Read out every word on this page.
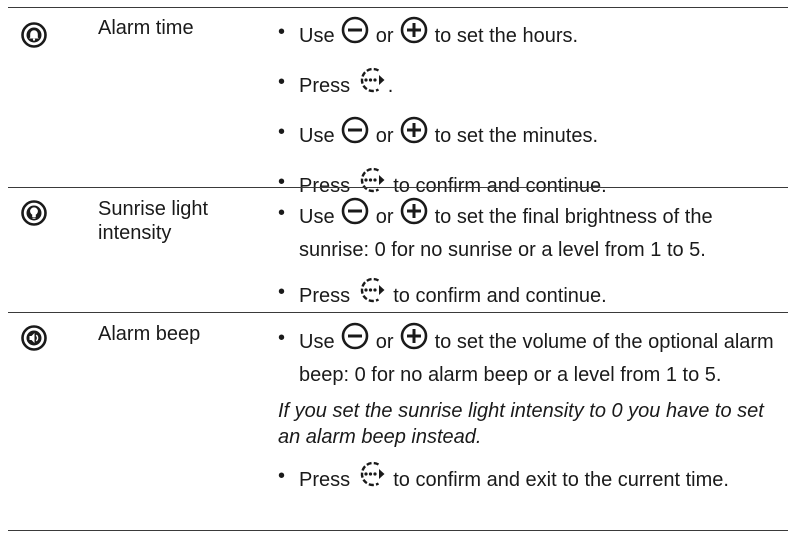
Alarm time	• Use or to set the hours.
• Press .
• Use or to set the minutes.
• Press to confirm and continue.
Sunrise light intensity
• Use or to set the final brightness of the sunrise: 0 for no sunrise or a level from 1 to 5.
• Press to confirm and continue.
Alarm beep	• Use or to set the volume of the optional alarm beep: 0 for no alarm beep or a level from 1 to 5.
If you set the sunrise light intensity to 0 you have to set an alarm beep instead.
• Press to confirm and exit to the current time.
